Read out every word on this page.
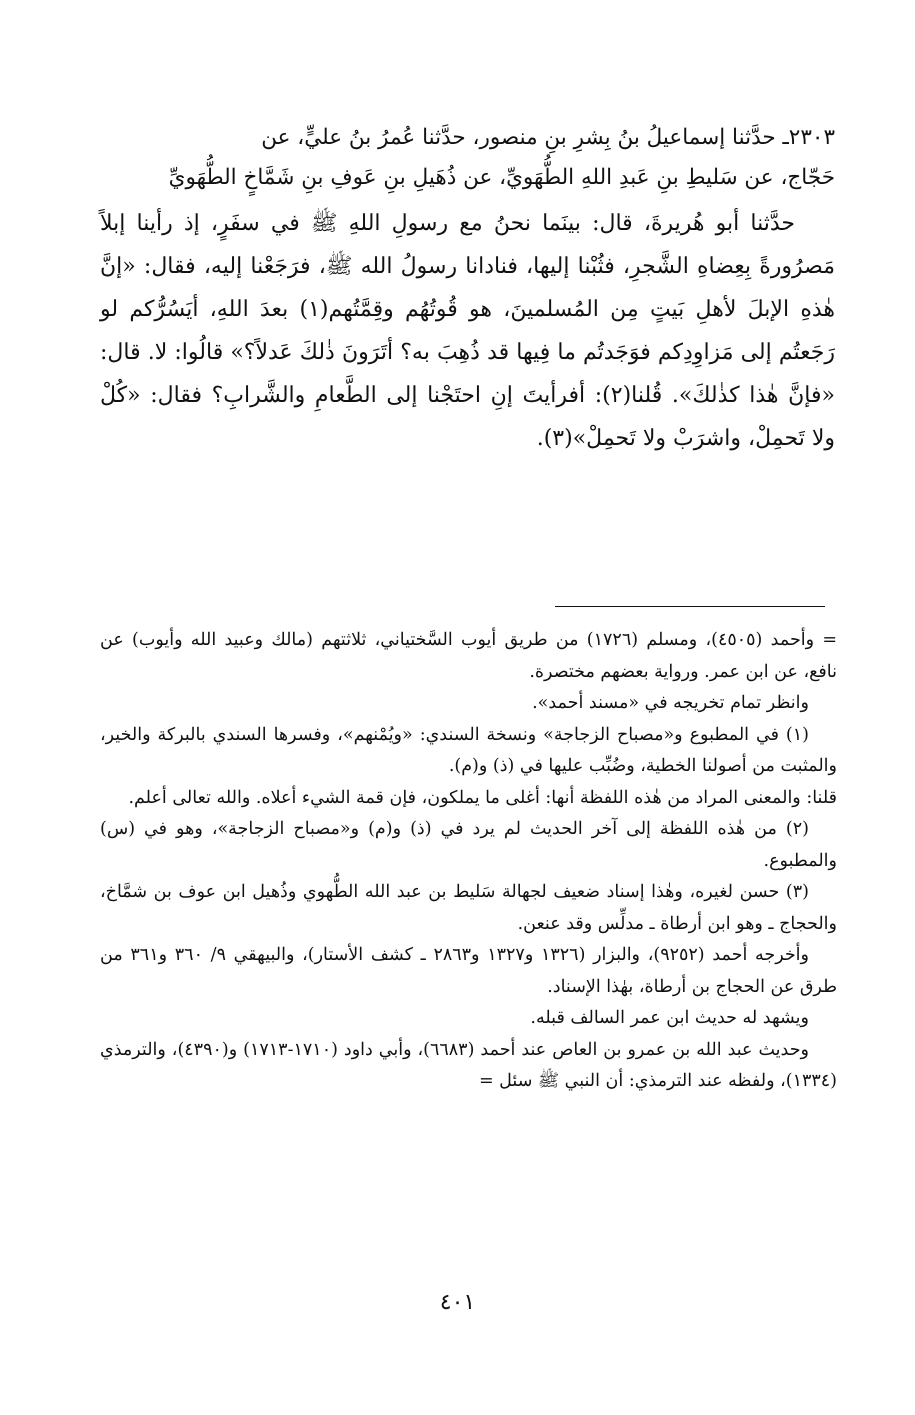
٢٣٠٣ـ حدَّثنا إسماعيلُ بنُ بِشرِ بنِ منصور، حدَّثنا عُمرُ بنُ عليٍّ، عن

حَجّاج، عن سَليطِ بنِ عَبدِ اللهِ الطُّهَويِّ، عن ذُهَيلِ بنِ عَوفِ بنِ شَمَّاخٍ الطُّهَويِّ

حدَّثنا أبو هُريرةَ، قال: بينَما نحنُ مع رسولِ اللهِ ﷺ في سفَرٍ، إذ رأينا إبلاً مَصرُورةً بِعِضاهِ الشَّجرِ، فثُبْنا إليها، فنادانا رسولُ الله ﷺ، فرَجَعْنا إليه، فقال: «إنَّ هٰذهِ الإبلَ لأهلِ بَيتٍ مِن المُسلمينَ، هو قُوتُهُم وقِمَّتُهم(١) بعدَ اللهِ، أيَسُرُّكم لو رَجَعتُم إلى مَزاوِدِكم فوَجَدتُم ما فِيها قد ذُهِبَ به؟ أتَرَونَ ذٰلكَ عَدلاً؟» قالُوا: لا. قال: «فإنَّ هٰذا كذٰلكَ». قُلنا(٢): أفرأيتَ إنِ احتَجْنا إلى الطَّعامِ والشَّرابِ؟ فقال: «كُلْ ولا تَحمِلْ، واشرَبْ ولا تَحمِلْ»(٣).

= وأحمد (٤٥٠٥)، ومسلم (١٧٢٦) من طريق أيوب السَّختياني، ثلاثتهم (مالك وعبيد الله وأيوب) عن نافع، عن ابن عمر. ورواية بعضهم مختصرة.

وانظر تمام تخريجه في «مسند أحمد».

(١) في المطبوع و«مصباح الزجاجة» ونسخة السندي: «ويُمْنهم»، وفسرها السندي بالبركة والخير، والمثبت من أصولنا الخطية، وضُبِّب عليها في (ذ) و(م).

قلنا: والمعنى المراد من هٰذه اللفظة أنها: أغلى ما يملكون، فإن قمة الشيء أعلاه. والله تعالى أعلم.

(٢) من هٰذه اللفظة إلى آخر الحديث لم يرد في (ذ) و(م) و«مصباح الزجاجة»، وهو في (س) والمطبوع.

(٣) حسن لغيره، وهٰذا إسناد ضعيف لجهالة سَليط بن عبد الله الطُّهوي وذُهيل ابن عوف بن شمَّاخ، والحجاج ـ وهو ابن أرطاة ـ مدلِّس وقد عنعن.

وأخرجه أحمد (٩٢٥٢)، والبزار (١٣٢٦ و١٣٢٧ و٢٨٦٣ ـ كشف الأستار)، والبيهقي ٩/ ٣٦٠ و٣٦١ من طرق عن الحجاج بن أرطاة، بهٰذا الإسناد.

ويشهد له حديث ابن عمر السالف قبله.

وحديث عبد الله بن عمرو بن العاص عند أحمد (٦٦٨٣)، وأبي داود (١٧١٠-١٧١٣) و(٤٣٩٠)، والترمذي (١٣٣٤)، ولفظه عند الترمذي: أن النبي ﷺ سئل =

٤٠١
